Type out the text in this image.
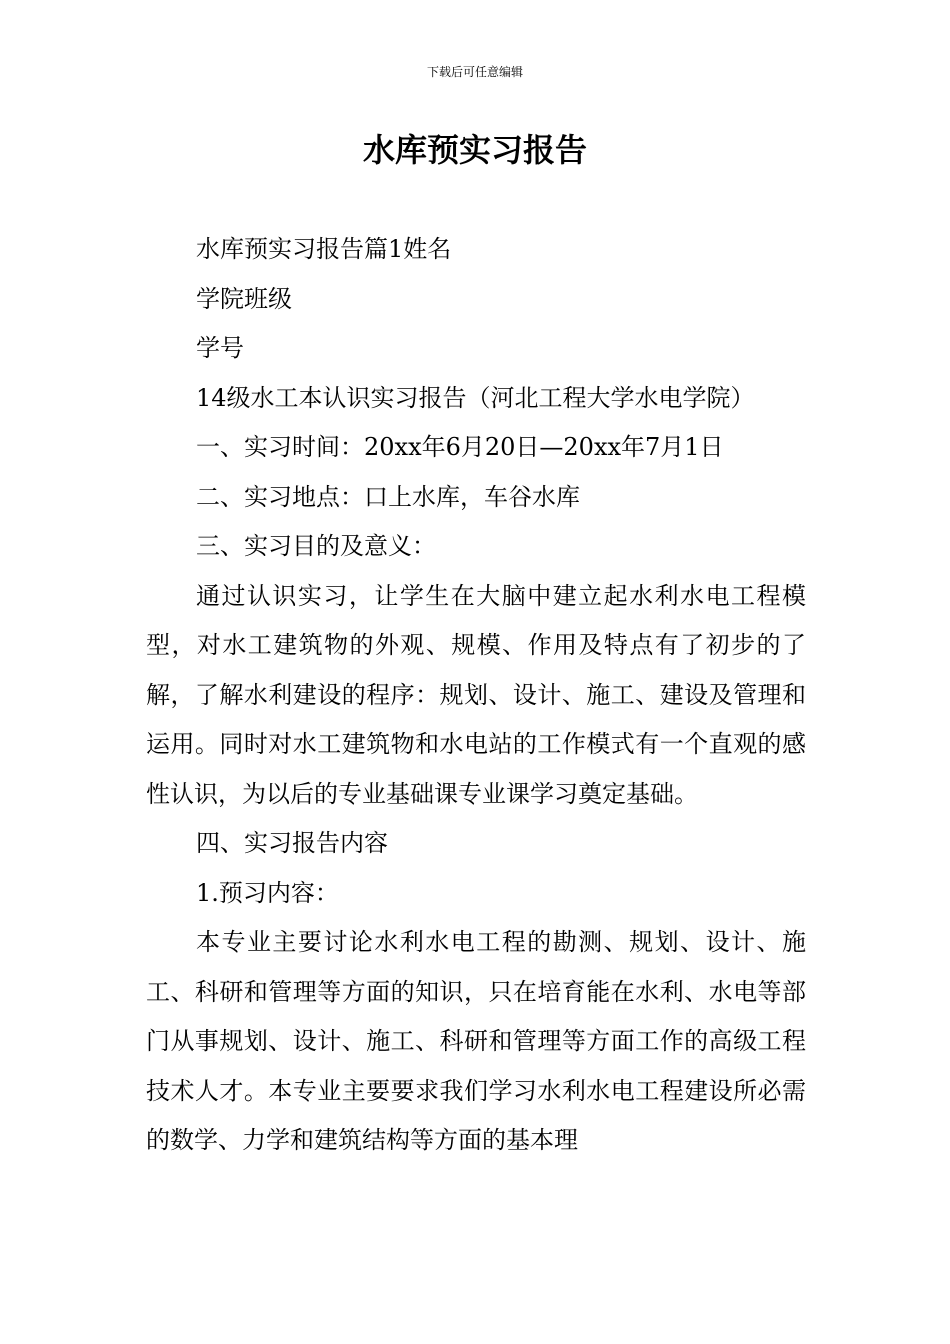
下载后可任意编辑
水库预实习报告

水库预实习报告篇1姓名

学院班级

学号

14级水工本认识实习报告（河北工程大学水电学院）

一、实习时间：20xx年6月20日—20xx年7月1日

二、实习地点：口上水库，车谷水库

三、实习目的及意义：

通过认识实习，让学生在大脑中建立起水利水电工程模型，对水工建筑物的外观、规模、作用及特点有了初步的了解，了解水利建设的程序：规划、设计、施工、建设及管理和运用。同时对水工建筑物和水电站的工作模式有一个直观的感性认识，为以后的专业基础课专业课学习奠定基础。

四、实习报告内容

1.预习内容：

本专业主要讨论水利水电工程的勘测、规划、设计、施工、科研和管理等方面的知识，只在培育能在水利、水电等部门从事规划、设计、施工、科研和管理等方面工作的高级工程技术人才。本专业主要要求我们学习水利水电工程建设所必需的数学、力学和建筑结构等方面的基本理
